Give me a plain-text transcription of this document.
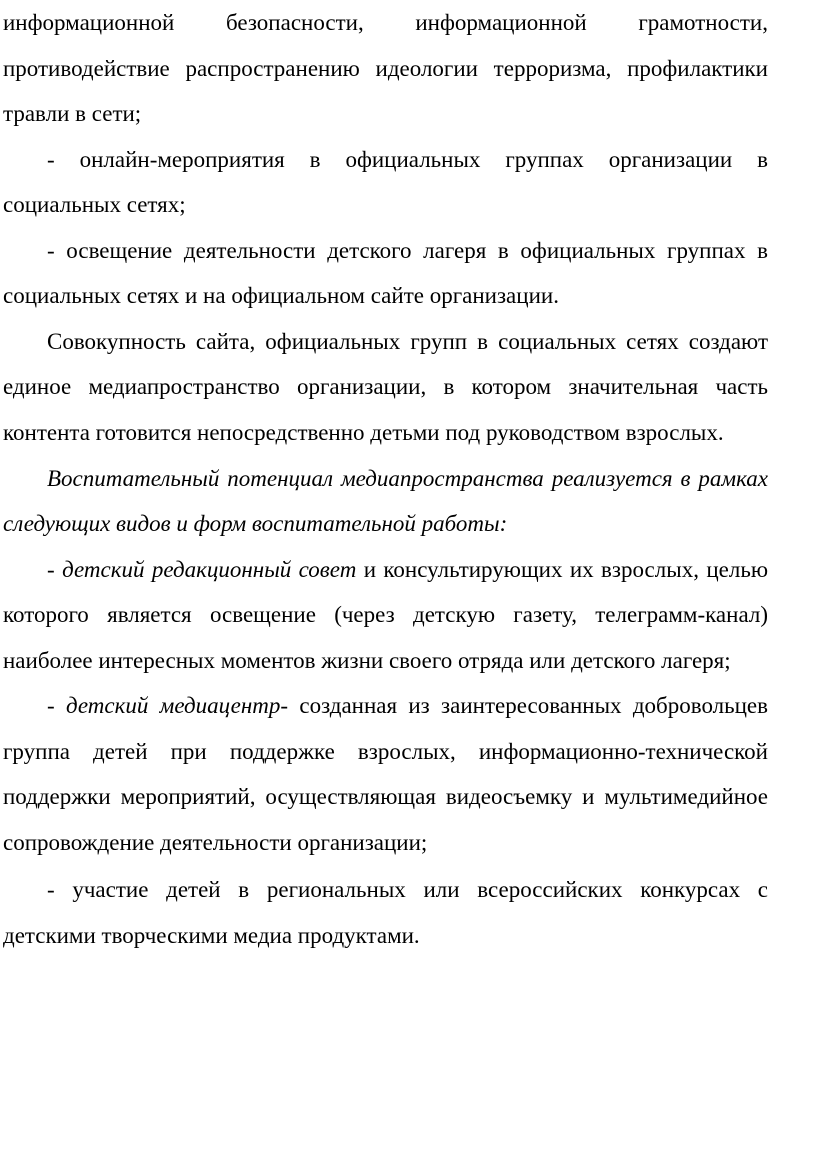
информационной безопасности, информационной грамотности, противодействие распространению идеологии терроризма, профилактики травли в сети;

- онлайн-мероприятия в официальных группах организации в социальных сетях;

- освещение деятельности детского лагеря в официальных группах в социальных сетях и на официальном сайте организации.

Совокупность сайта, официальных групп в социальных сетях создают единое медиапространство организации, в котором значительная часть контента готовится непосредственно детьми под руководством взрослых.

Воспитательный потенциал медиапространства реализуется в рамках следующих видов и форм воспитательной работы:

- детский редакционный совет и консультирующих их взрослых, целью которого является освещение (через детскую газету, телеграмм-канал) наиболее интересных моментов жизни своего отряда или детского лагеря;

- детский медиацентр- созданная из заинтересованных добровольцев группа детей при поддержке взрослых, информационно-технической поддержки мероприятий, осуществляющая видеосъемку и мультимедийное сопровождение деятельности организации;

- участие детей в региональных или всероссийских конкурсах с детскими творческими медиа продуктами.
